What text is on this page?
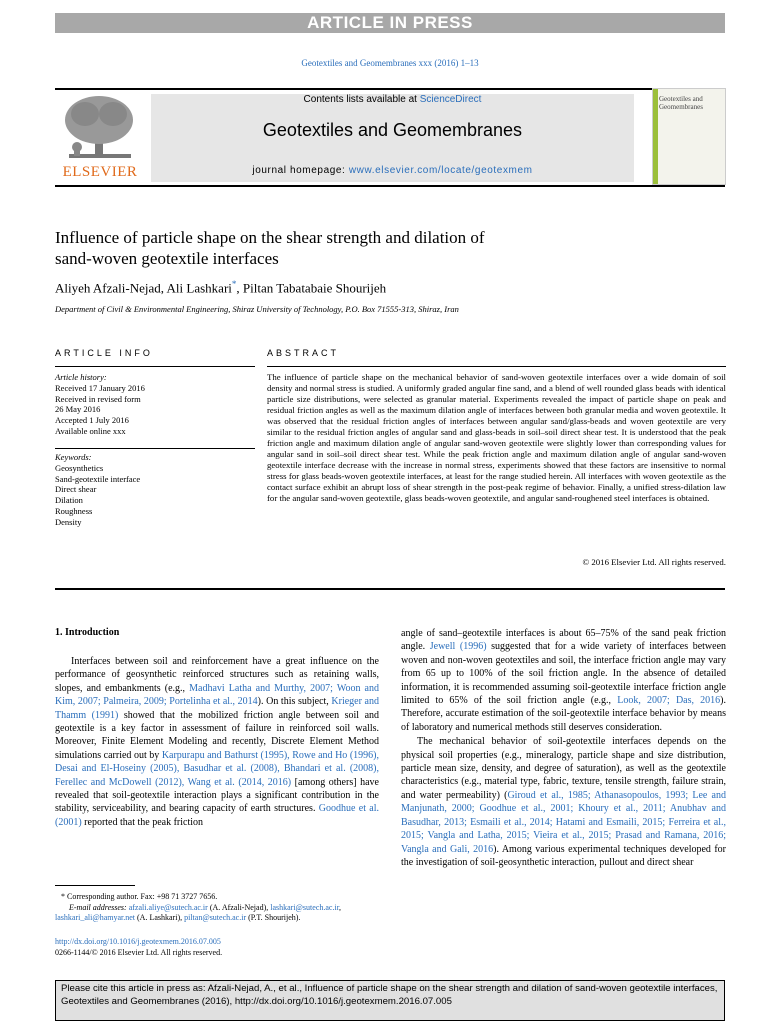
ARTICLE IN PRESS
Geotextiles and Geomembranes xxx (2016) 1–13
ELSEVIER
Contents lists available at ScienceDirect
Geotextiles and Geomembranes
journal homepage: www.elsevier.com/locate/geotexmem
Geotextiles and Geomembranes
Influence of particle shape on the shear strength and dilation of
sand-woven geotextile interfaces
Aliyeh Afzali-Nejad, Ali Lashkari*, Piltan Tabatabaie Shourijeh
Department of Civil & Environmental Engineering, Shiraz University of Technology, P.O. Box 71555-313, Shiraz, Iran
ARTICLE INFO	ABSTRACT
Article history:
Received 17 January 2016
Received in revised form
26 May 2016
Accepted 1 July 2016
Available online xxx
Keywords:
Geosynthetics
Sand-geotextile interface
Direct shear
Dilation
Roughness
Density
The influence of particle shape on the mechanical behavior of sand-woven geotextile interfaces over a wide domain of soil density and normal stress is studied. A uniformly graded angular fine sand, and a blend of well rounded glass beads with identical particle size distributions, were selected as granular material. Experiments revealed the impact of particle shape on peak and residual friction angles as well as the maximum dilation angle of interfaces between both granular media and woven geotextile. It was observed that the residual friction angles of interfaces between angular sand/glass-beads and woven geotextile are very similar to the residual friction angles of angular sand and glass-beads in soil–soil direct shear test. It is understood that the peak friction angle and maximum dilation angle of angular sand-woven geotextile were slightly lower than corresponding values for angular sand in soil–soil direct shear test. While the peak friction angle and maximum dilation angle of angular sand-woven geotextile interface decrease with the increase in normal stress, experiments showed that these factors are insensitive to normal stress for glass beads-woven geotextile interfaces, at least for the range studied herein. All interfaces with woven geotextile as the contact surface exhibit an abrupt loss of shear strength in the post-peak regime of behavior. Finally, a unified stress-dilation law for the angular sand-woven geotextile, glass beads-woven geotextile, and angular sand-roughened steel interfaces is obtained.
© 2016 Elsevier Ltd. All rights reserved.
1. Introduction

Interfaces between soil and reinforcement have a great influence on the performance of geosynthetic reinforced structures such as retaining walls, slopes, and embankments (e.g., Madhavi Latha and Murthy, 2007; Woon and Kim, 2007; Palmeira, 2009; Portelinha et al., 2014). On this subject, Krieger and Thamm (1991) showed that the mobilized friction angle between soil and geotextile is a key factor in assessment of failure in reinforced soil walls. Moreover, Finite Element Modeling and recently, Discrete Element Method simulations carried out by Karpurapu and Bathurst (1995), Rowe and Ho (1996), Desai and El-Hoseiny (2005), Basudhar et al. (2008), Bhandari et al. (2008), Ferellec and McDowell (2012), Wang et al. (2014, 2016) [among others] have revealed that soil-geotextile interaction plays a significant contribution in the stability, serviceability, and bearing capacity of earth structures. Goodhue et al. (2001) reported that the peak friction

angle of sand–geotextile interfaces is about 65–75% of the sand peak friction angle. Jewell (1996) suggested that for a wide variety of interfaces between woven and non-woven geotextiles and soil, the interface friction angle may vary from 65 up to 100% of the soil friction angle. In the absence of detailed information, it is recommended assuming soil-geotextile interface friction angle limited to 65% of the soil friction angle (e.g., Look, 2007; Das, 2016). Therefore, accurate estimation of the soil-geotextile interface behavior by means of laboratory and numerical methods still deserves consideration.

The mechanical behavior of soil-geotextile interfaces depends on the physical soil properties (e.g., mineralogy, particle shape and size distribution, particle mean size, density, and degree of saturation), as well as the geotextile characteristics (e.g., material type, fabric, texture, tensile strength, failure strain, and water permeability) (Giroud et al., 1985; Athanasopoulos, 1993; Lee and Manjunath, 2000; Goodhue et al., 2001; Khoury et al., 2011; Anubhav and Basudhar, 2013; Esmaili et al., 2014; Hatami and Esmaili, 2015; Ferreira et al., 2015; Vangla and Latha, 2015; Vieira et al., 2015; Prasad and Ramana, 2016; Vangla and Gali, 2016). Among various experimental techniques developed for the investigation of soil-geosynthetic interaction, pullout and direct shear

* Corresponding author. Fax: +98 71 3727 7656.
E-mail addresses: afzali.aliye@sutech.ac.ir (A. Afzali-Nejad), lashkari@sutech.ac.ir,
lashkari_ali@hamyar.net (A. Lashkari), piltan@sutech.ac.ir (P.T. Shourijeh).
http://dx.doi.org/10.1016/j.geotexmem.2016.07.005
0266-1144/© 2016 Elsevier Ltd. All rights reserved.
Please cite this article in press as: Afzali-Nejad, A., et al., Influence of particle shape on the shear strength and dilation of sand-woven geotextile interfaces, Geotextiles and Geomembranes (2016), http://dx.doi.org/10.1016/j.geotexmem.2016.07.005
